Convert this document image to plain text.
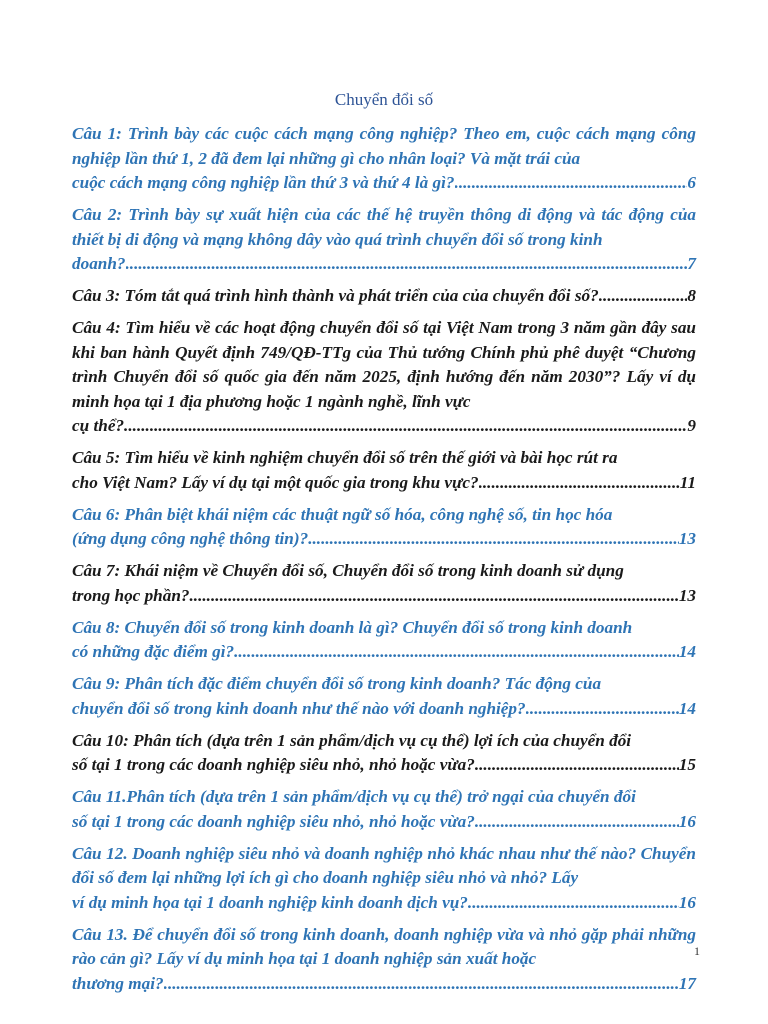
Chuyển đổi số
Câu 1: Trình bày các cuộc cách mạng công nghiệp? Theo em, cuộc cách mạng công nghiệp lần thứ 1, 2 đã đem lại những gì cho nhân loại? Và mặt trái của
cuộc cách mạng công nghiệp lần thứ 3 và thứ 4 là gì? .....	6
Câu 2: Trình bày sự xuất hiện của các thế hệ truyền thông di động và tác động của thiết bị di động và mạng không dây vào quá trình chuyển đổi số trong kinh
doanh? .....	7
Câu 3: Tóm tắt quá trình hình thành và phát triển của của chuyển đổi số? .....	8
Câu 4: Tìm hiểu về các hoạt động chuyển đổi số tại Việt Nam trong 3 năm gần đây sau khi ban hành Quyết định 749/QĐ-TTg của Thủ tướng Chính phủ phê duyệt “Chương trình Chuyển đổi số quốc gia đến năm 2025, định hướng đến năm 2030”? Lấy ví dụ minh họa tại 1 địa phương hoặc 1 ngành nghề, lĩnh vực
cụ thể? .....	9
Câu 5: Tìm hiểu về kinh nghiệm chuyển đổi số trên thế giới và bài học rút ra
cho Việt Nam? Lấy ví dụ tại một quốc gia trong khu vực? .....	11
Câu 6: Phân biệt khái niệm các thuật ngữ số hóa, công nghệ số, tin học hóa
(ứng dụng công nghệ thông tin)? .....	13
Câu 7: Khái niệm về Chuyển đổi số, Chuyển đổi số trong kinh doanh sử dụng
trong học phần? .....	13
Câu 8: Chuyển đổi số trong kinh doanh là gì? Chuyển đổi số trong kinh doanh
có những đặc điểm gì? .....	14
Câu 9: Phân tích đặc điểm chuyển đổi số trong kinh doanh? Tác động của
chuyển đổi số trong kinh doanh như thế nào với doanh nghiệp? .....	14
Câu 10: Phân tích (dựa trên 1 sản phẩm/dịch vụ cụ thể) lợi ích của chuyển đổi
số tại 1 trong các doanh nghiệp siêu nhỏ, nhỏ hoặc vừa? .....	15
Câu 11.Phân tích (dựa trên 1 sản phẩm/dịch vụ cụ thể) trở ngại của chuyển đổi
số tại 1 trong các doanh nghiệp siêu nhỏ, nhỏ hoặc vừa? .....	16
Câu 12. Doanh nghiệp siêu nhỏ và doanh nghiệp nhỏ khác nhau như thế nào? Chuyển đổi số đem lại những lợi ích gì cho doanh nghiệp siêu nhỏ và nhỏ? Lấy
ví dụ minh họa tại 1 doanh nghiệp kinh doanh dịch vụ? .....	16
Câu 13. Để chuyển đổi số trong kinh doanh, doanh nghiệp vừa và nhỏ gặp phải những rào cản gì? Lấy ví dụ minh họa tại 1 doanh nghiệp sản xuất hoặc
thương mại? .....	17
1
